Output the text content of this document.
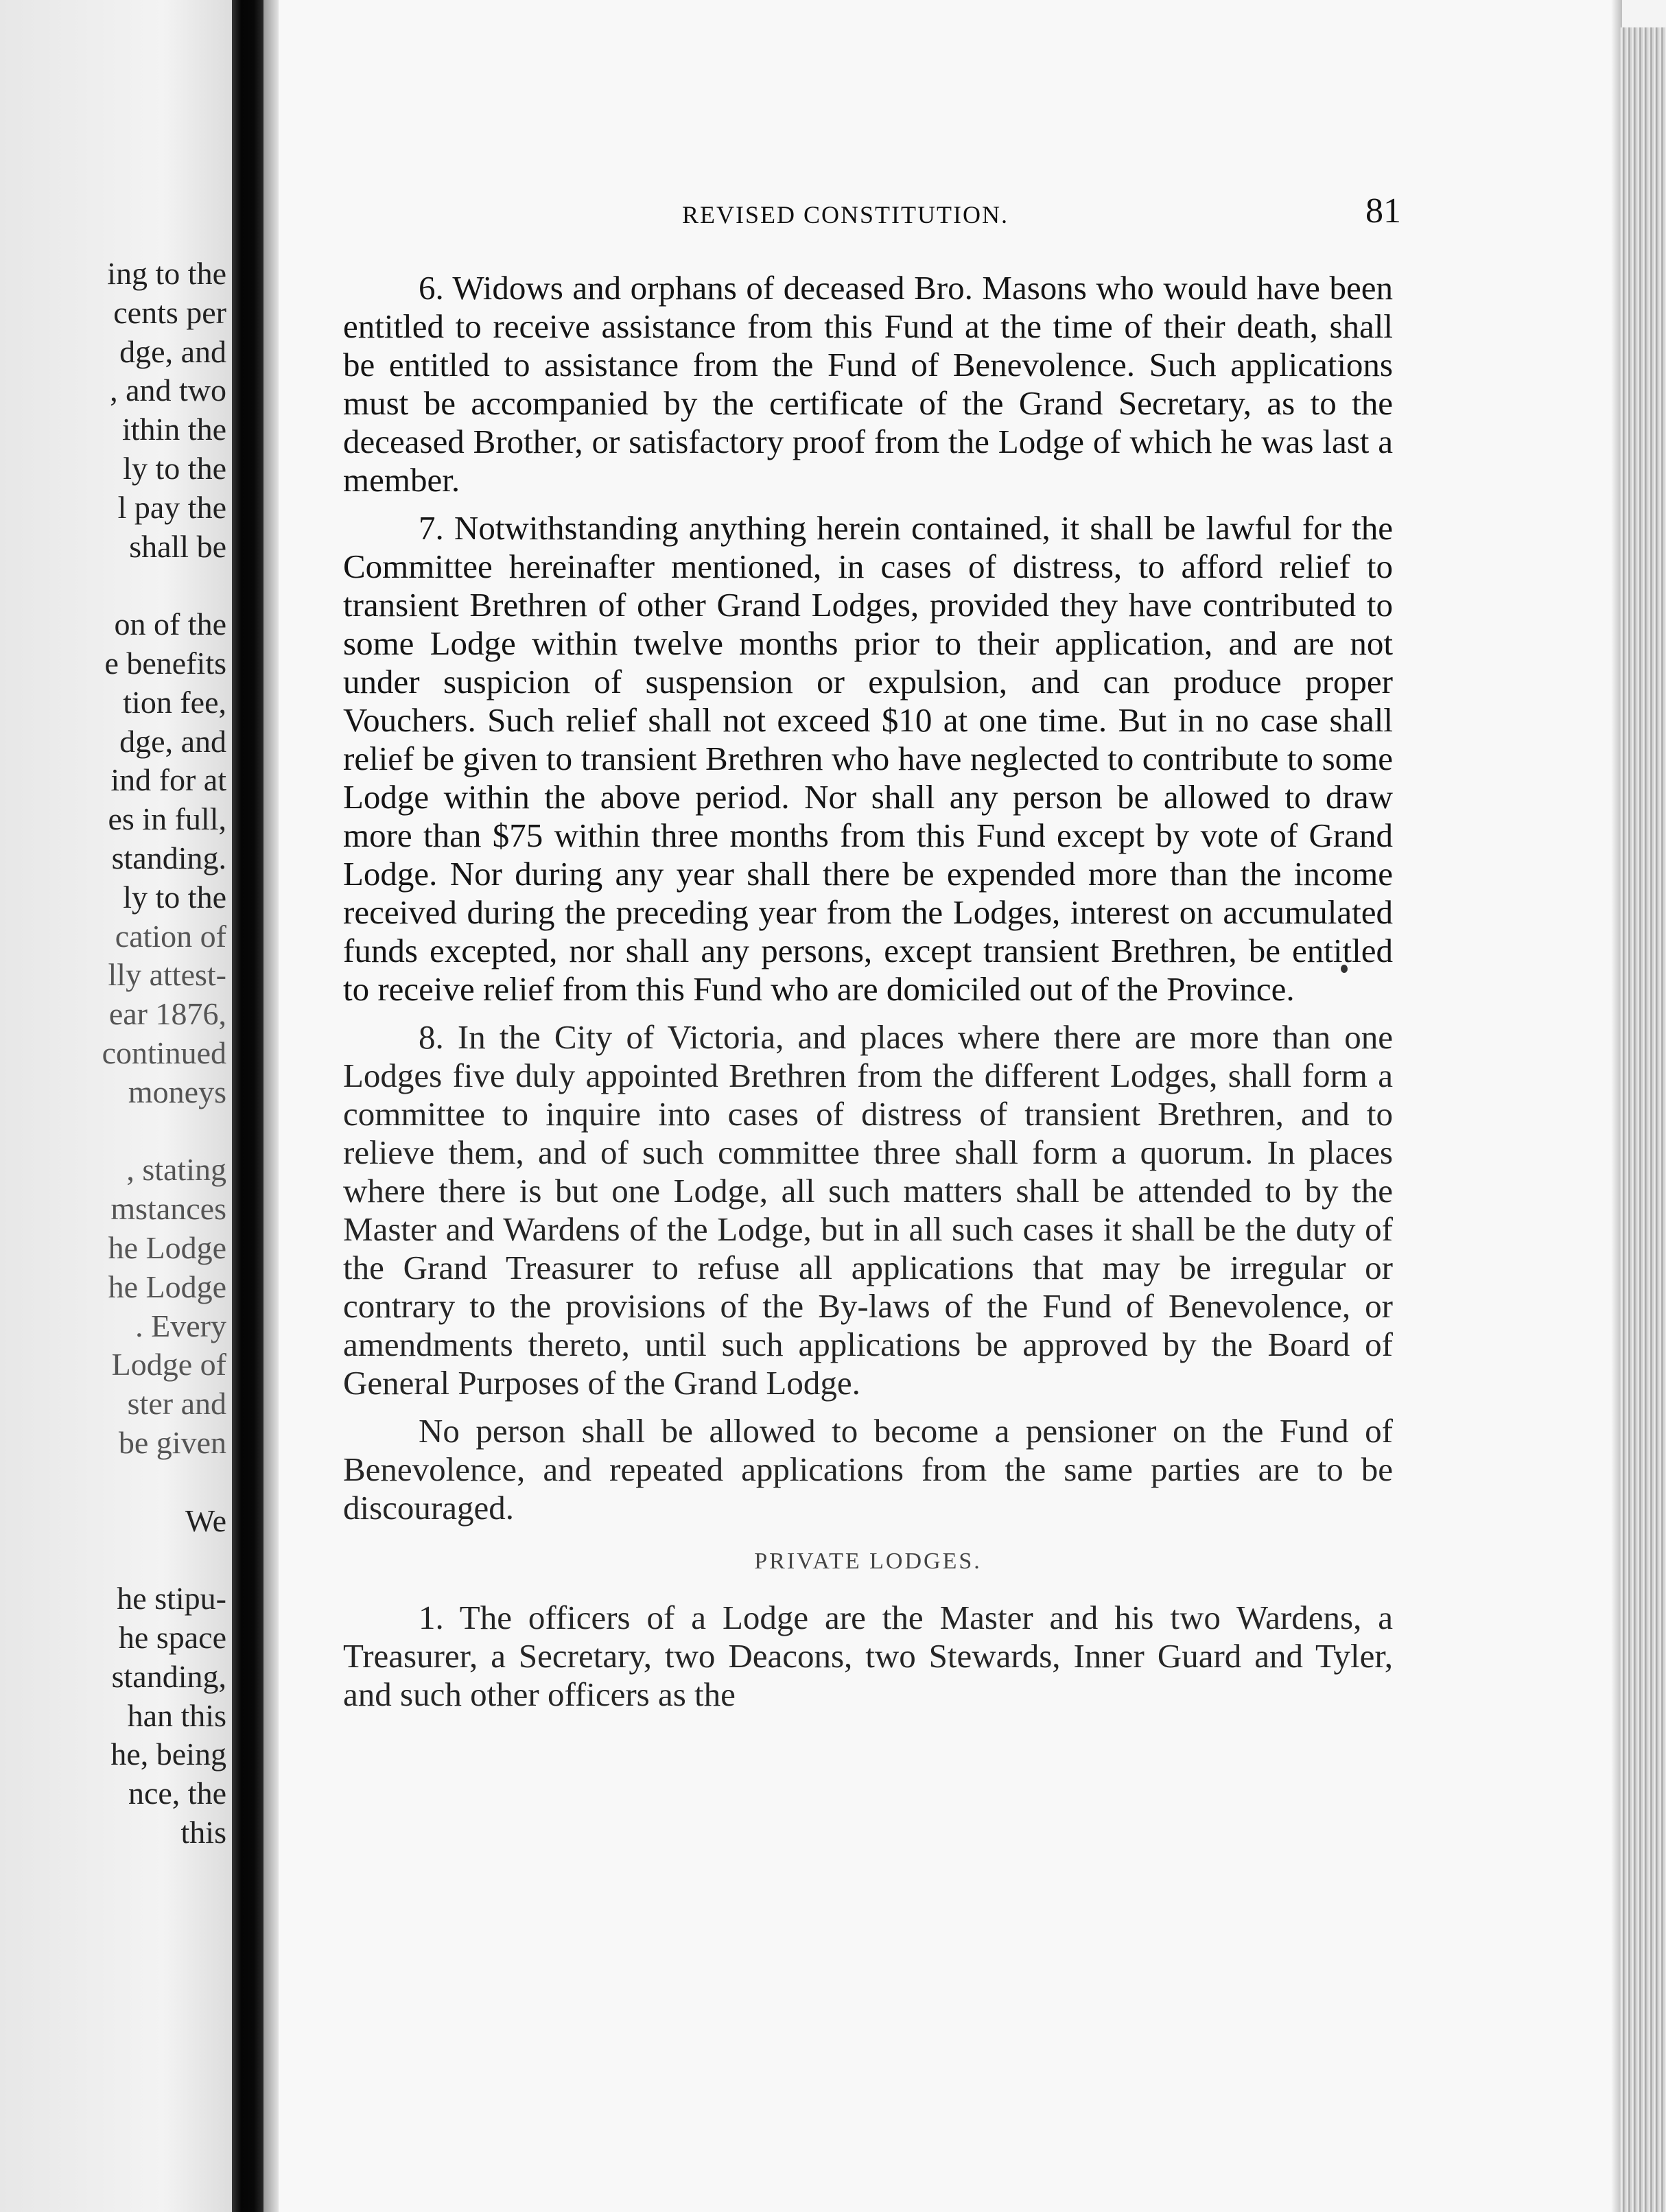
ing to the
cents per
dge, and
, and two
ithin the
ly to the
l pay the
shall be
on of the
e benefits
tion fee,
dge, and
ind for at
es in full,
standing.
ly to the
cation of
lly attest-
ear 1876,
continued
moneys
, stating
mstances
he Lodge
he Lodge
. Every
Lodge of
ster and
be given
We
he stipu-
he space
standing,
han this
he, being
nce, the
this
REVISED CONSTITUTION.	81

6. Widows and orphans of deceased Bro. Masons who would have been entitled to receive assistance from this Fund at the time of their death, shall be entitled to assistance from the Fund of Benevolence. Such applications must be accompanied by the certificate of the Grand Secretary, as to the deceased Brother, or satisfactory proof from the Lodge of which he was last a member.

7. Notwithstanding anything herein contained, it shall be lawful for the Committee hereinafter mentioned, in cases of distress, to afford relief to transient Brethren of other Grand Lodges, provided they have contributed to some Lodge within twelve months prior to their application, and are not under suspicion of suspension or expulsion, and can produce proper Vouchers. Such relief shall not exceed $10 at one time. But in no case shall relief be given to transient Brethren who have neglected to contribute to some Lodge within the above period. Nor shall any person be allowed to draw more than $75 within three months from this Fund except by vote of Grand Lodge. Nor during any year shall there be expended more than the income received during the preceding year from the Lodges, interest on accumulated funds excepted, nor shall any persons, except transient Brethren, be entitled to receive relief from this Fund who are domiciled out of the Province.

8. In the City of Victoria, and places where there are more than one Lodges five duly appointed Brethren from the different Lodges, shall form a committee to inquire into cases of distress of transient Brethren, and to relieve them, and of such committee three shall form a quorum. In places where there is but one Lodge, all such matters shall be attended to by the Master and Wardens of the Lodge, but in all such cases it shall be the duty of the Grand Treasurer to refuse all applications that may be irregular or contrary to the provisions of the By-laws of the Fund of Benevolence, or amendments thereto, until such applications be approved by the Board of General Purposes of the Grand Lodge.

No person shall be allowed to become a pensioner on the Fund of Benevolence, and repeated applications from the same parties are to be discouraged.

PRIVATE LODGES.

1. The officers of a Lodge are the Master and his two Wardens, a Treasurer, a Secretary, two Deacons, two Stewards, Inner Guard and Tyler, and such other officers as the
